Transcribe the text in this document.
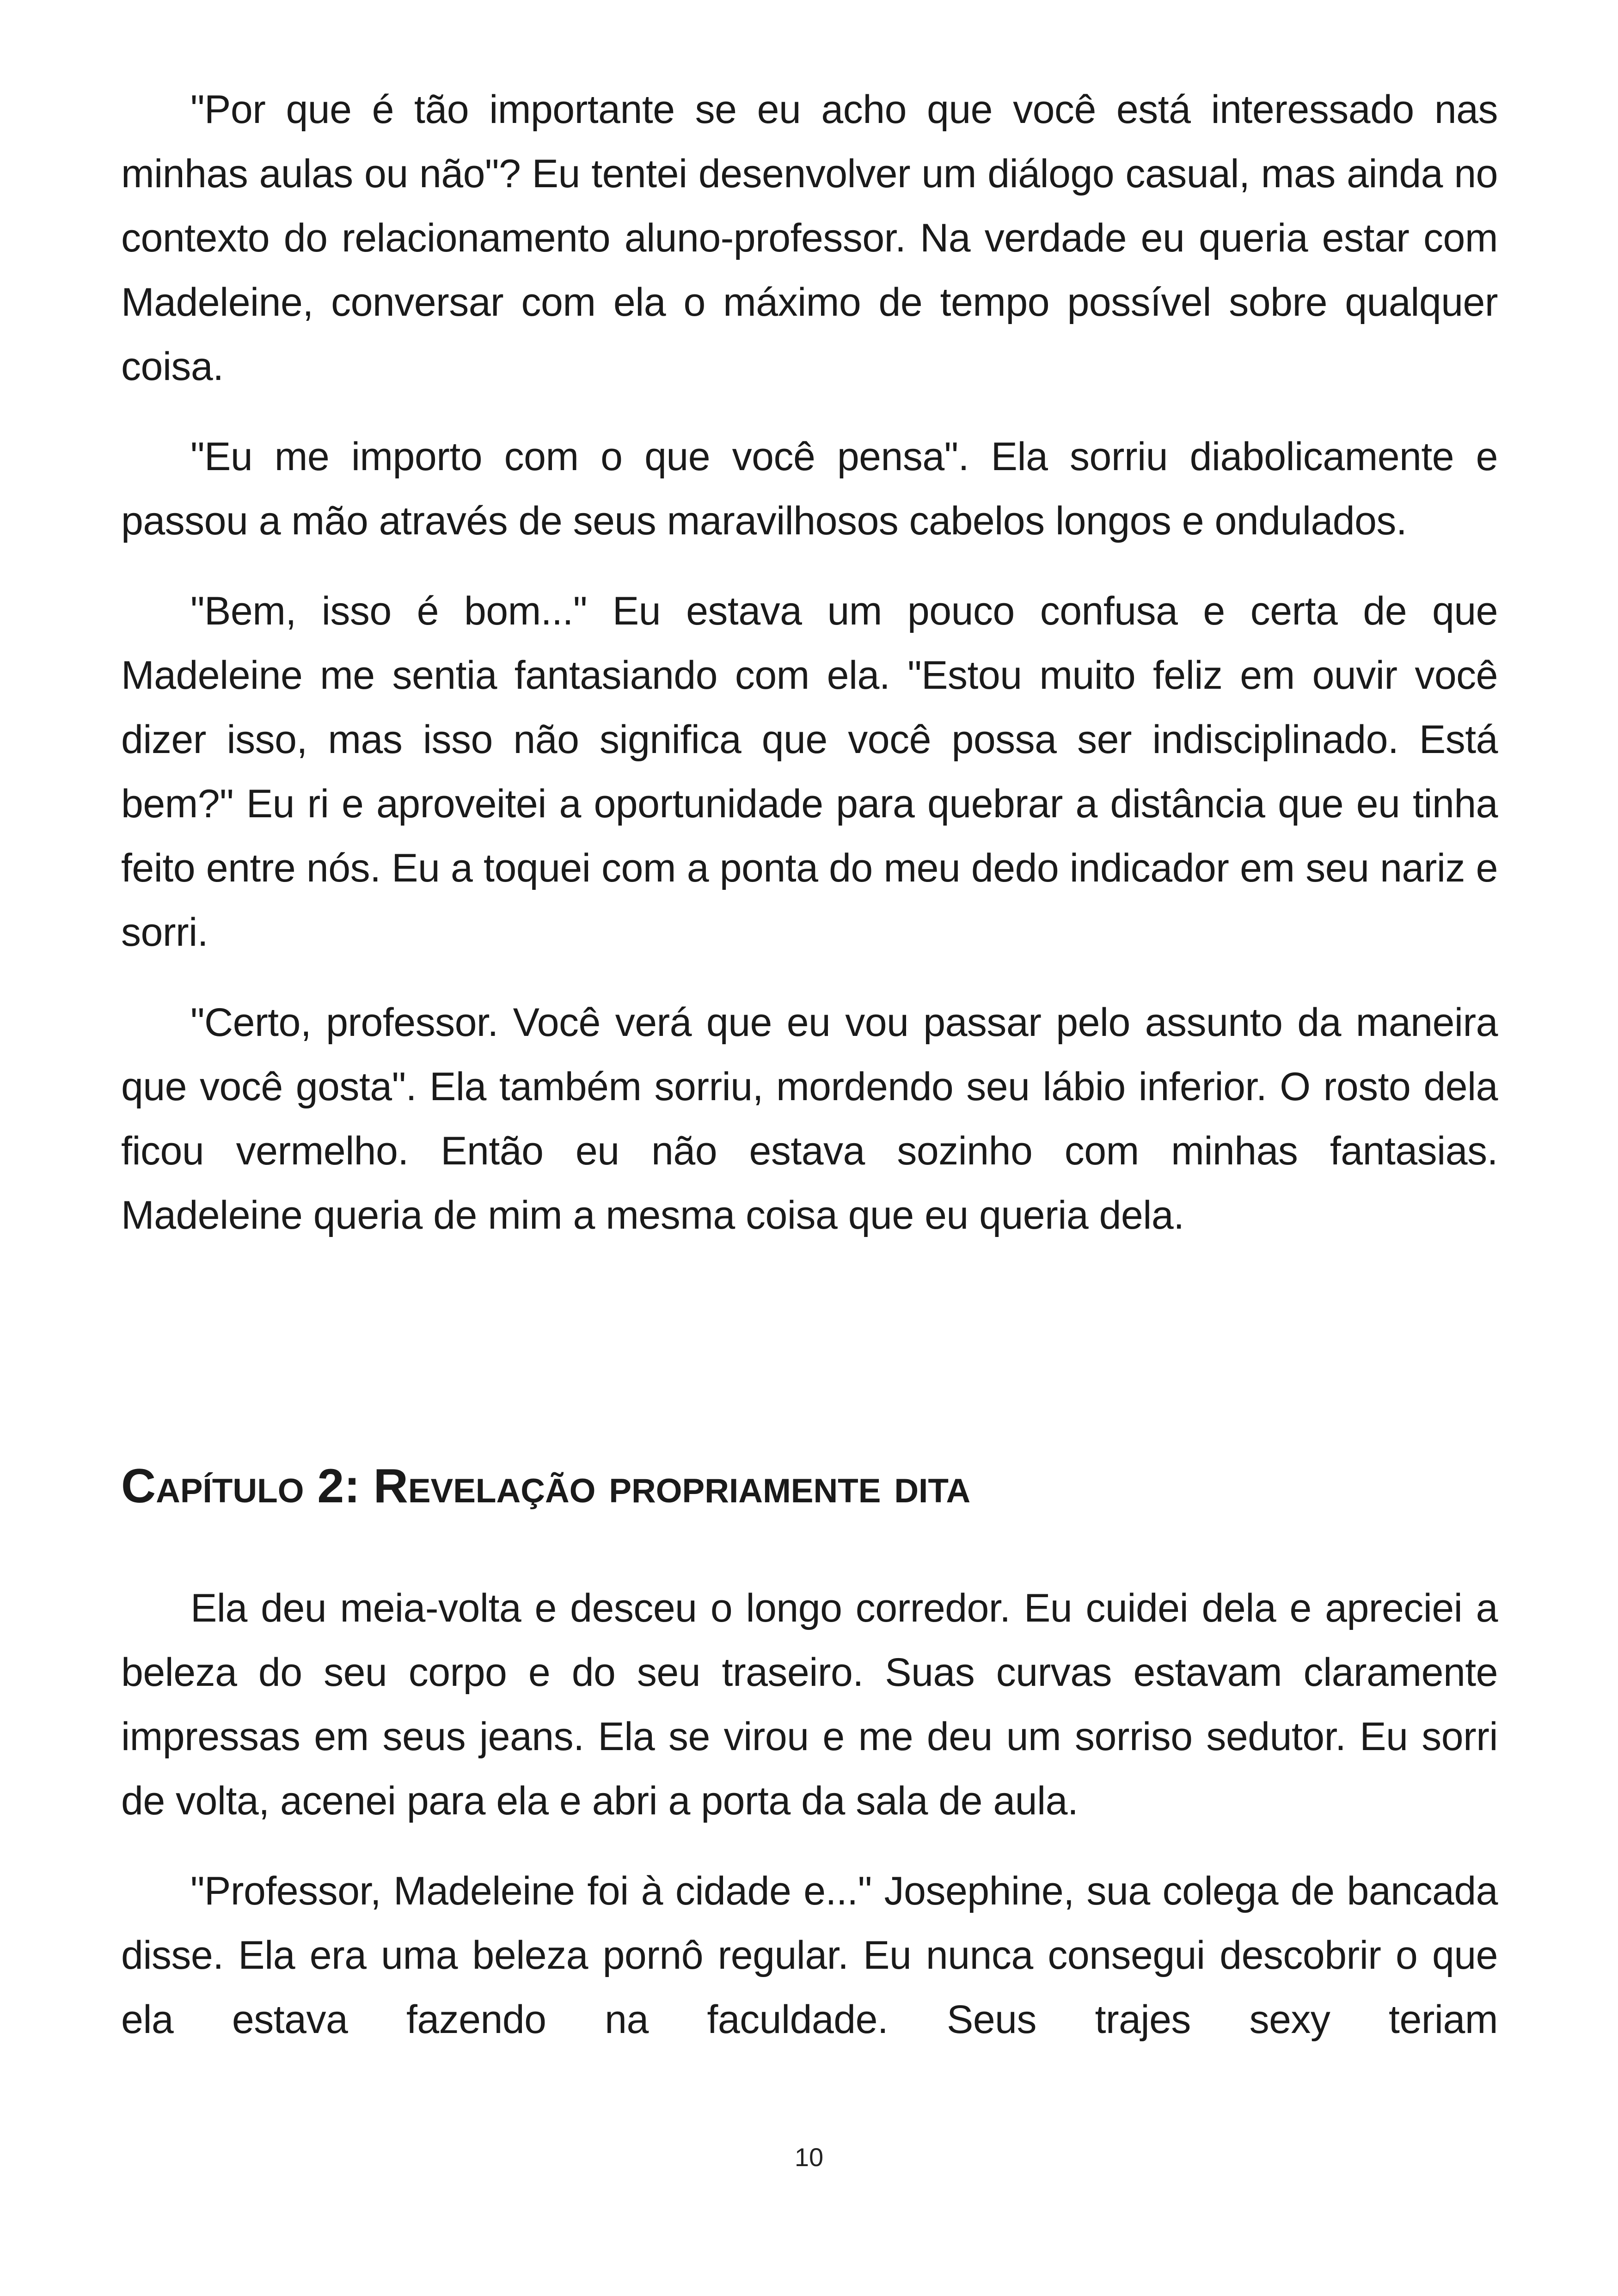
"Por que é tão importante se eu acho que você está interessado nas minhas aulas ou não"? Eu tentei desenvolver um diálogo casual, mas ainda no contexto do relacionamento aluno-professor. Na verdade eu queria estar com Madeleine, conversar com ela o máximo de tempo possível sobre qualquer coisa.

"Eu me importo com o que você pensa". Ela sorriu diabolicamente e passou a mão através de seus maravilhosos cabelos longos e ondulados.

"Bem, isso é bom..." Eu estava um pouco confusa e certa de que Madeleine me sentia fantasiando com ela. "Estou muito feliz em ouvir você dizer isso, mas isso não significa que você possa ser indisciplinado. Está bem?" Eu ri e aproveitei a oportunidade para quebrar a distância que eu tinha feito entre nós. Eu a toquei com a ponta do meu dedo indicador em seu nariz e sorri.

"Certo, professor. Você verá que eu vou passar pelo assunto da maneira que você gosta". Ela também sorriu, mordendo seu lábio inferior. O rosto dela ficou vermelho. Então eu não estava sozinho com minhas fantasias. Madeleine queria de mim a mesma coisa que eu queria dela.

Capítulo 2: Revelação propriamente dita

Ela deu meia-volta e desceu o longo corredor. Eu cuidei dela e apreciei a beleza do seu corpo e do seu traseiro. Suas curvas estavam claramente impressas em seus jeans. Ela se virou e me deu um sorriso sedutor. Eu sorri de volta, acenei para ela e abri a porta da sala de aula.

"Professor, Madeleine foi à cidade e..." Josephine, sua colega de bancada disse. Ela era uma beleza pornô regular. Eu nunca consegui descobrir o que ela estava fazendo na faculdade. Seus trajes sexy teriam

10
